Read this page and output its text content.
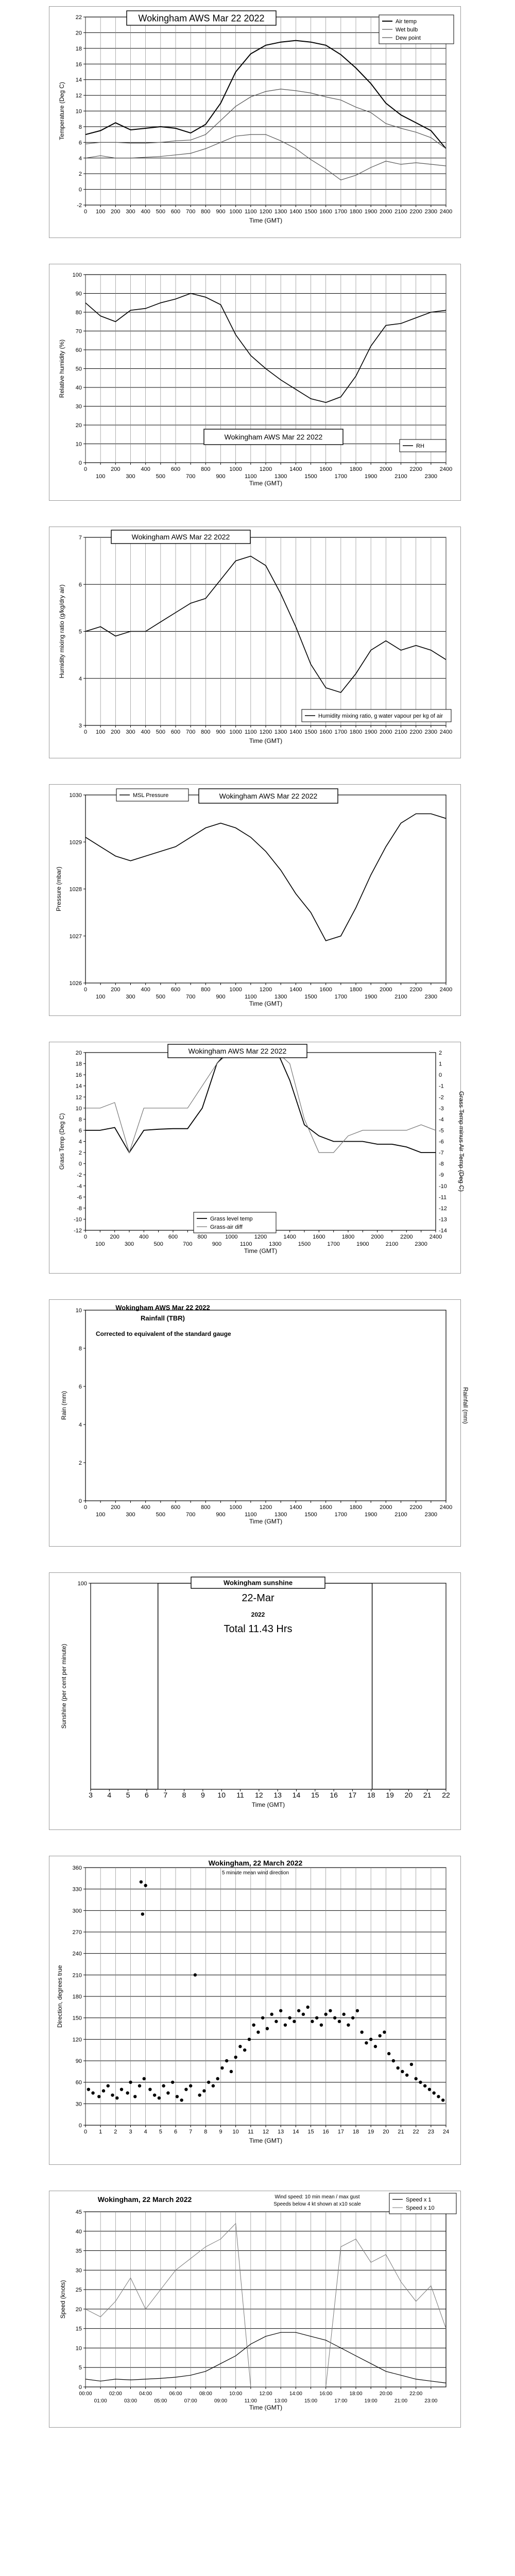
-2
0
2
4
6
8
10
12
14
16
18
20
22
0 100 200 300 400 500 600 700 800 900 1000 1100 1200 1300 1400 1500 1600 1700 1800 1900 2000 2100 2200 2300 2400
Time (GMT)
Temperature (Deg C)
Wokingham AWS Mar 22 2022	Air temp
Wet bulb
Dew point
0
10
20
30
40
50
60
70
80
90
100
0
100
200
300
400
500
600
700
800
900
1000
1100
1200
1300
1400
1500
1600
1700
1800
1900
2000
2100
2200
2300
2400
Time (GMT)
Relative humidity (%)
Wokingham AWS Mar 22 2022
RH
3
4
5
6
7
0 100 200 300 400 500 600 700 800 900 1000 1100 1200 1300 1400 1500 1600 1700 1800 1900 2000 2100 2200 2300 2400
Time (GMT)
Humidity mixing ratio (g/kg/dry air)
Wokingham AWS Mar 22 2022
Humidity mixing ratio, g water vapour per kg of air
1026
1027
1028
1029
1030
0
100
200
300
400
500
600
700
800
900
1000
1100
1200
1300
1400
1500
1600
1700
1800
1900
2000
2100
2200
2300
2400
Time (GMT)
Pressure (mbar)
Wokingham AWS Mar 22 2022
MSL Pressure
-12
-10
-8
-6
-4
-2
0
2
4
6
8
10
12
14
16
18
20
-14
-13
-12
-11
-10
-9
-8
-7
-6
-5
-4
-3
-2
-1
0
1
2
0
100
200
300
400
500
600
700
800
900
1000
1100
1200
1300
1400
1500
1600
1700
1800
1900
2000
2100
2200
2300
2400
Time (GMT)
Grass Temp (Deg C)	Grass Temp minus Air Temp (Deg C)
Wokingham AWS Mar 22 2022
Grass level temp
Grass-air diff
0
2
4
6
8
10
0
100
200
300
400
500
600
700
800
900
1000
1100
1200
1300
1400
1500
1600
1700
1800
1900
2000
2100
2200
2300
2400
Time (GMT)
Rain (mm)	Rainfall (mm)
Wokingham AWS Mar 22 2022
Rainfall (TBR)
Corrected to equivalent of the standard gauge
100
3 4 5 6 7 8 9 10 11 12 13 14 15 16 17 18 19 20 21 22
Time (GMT)
Sunshine (per cent per minute)
Wokingham sunshine
22-Mar
2022
Total 11.43 Hrs
0
30
60
90
120
150
180
210
240
270
300
330
360
0 1 2 3 4 5 6 7 8 9 10 11 12 13 14 15 16 17 18 19 20 21 22 23 24
Time (GMT)
Direction, degrees true
Wokingham, 22 March 2022
5 minute mean wind direction
0
5
10
15
20
25
30
35
40
45
00:00
01:00
02:00
03:00
04:00
05:00
06:00
07:00
08:00
09:00
10:00
11:00
12:00
13:00
14:00
15:00
16:00
17:00
18:00
19:00
20:00
21:00
22:00
23:00
Time (GMT)
Speed (knots)
Wokingham, 22 March 2022	Wind speed: 10 min mean / max gust
Speeds below 4 kt shown at x10 scale
Speed x 1
Speed x 10
